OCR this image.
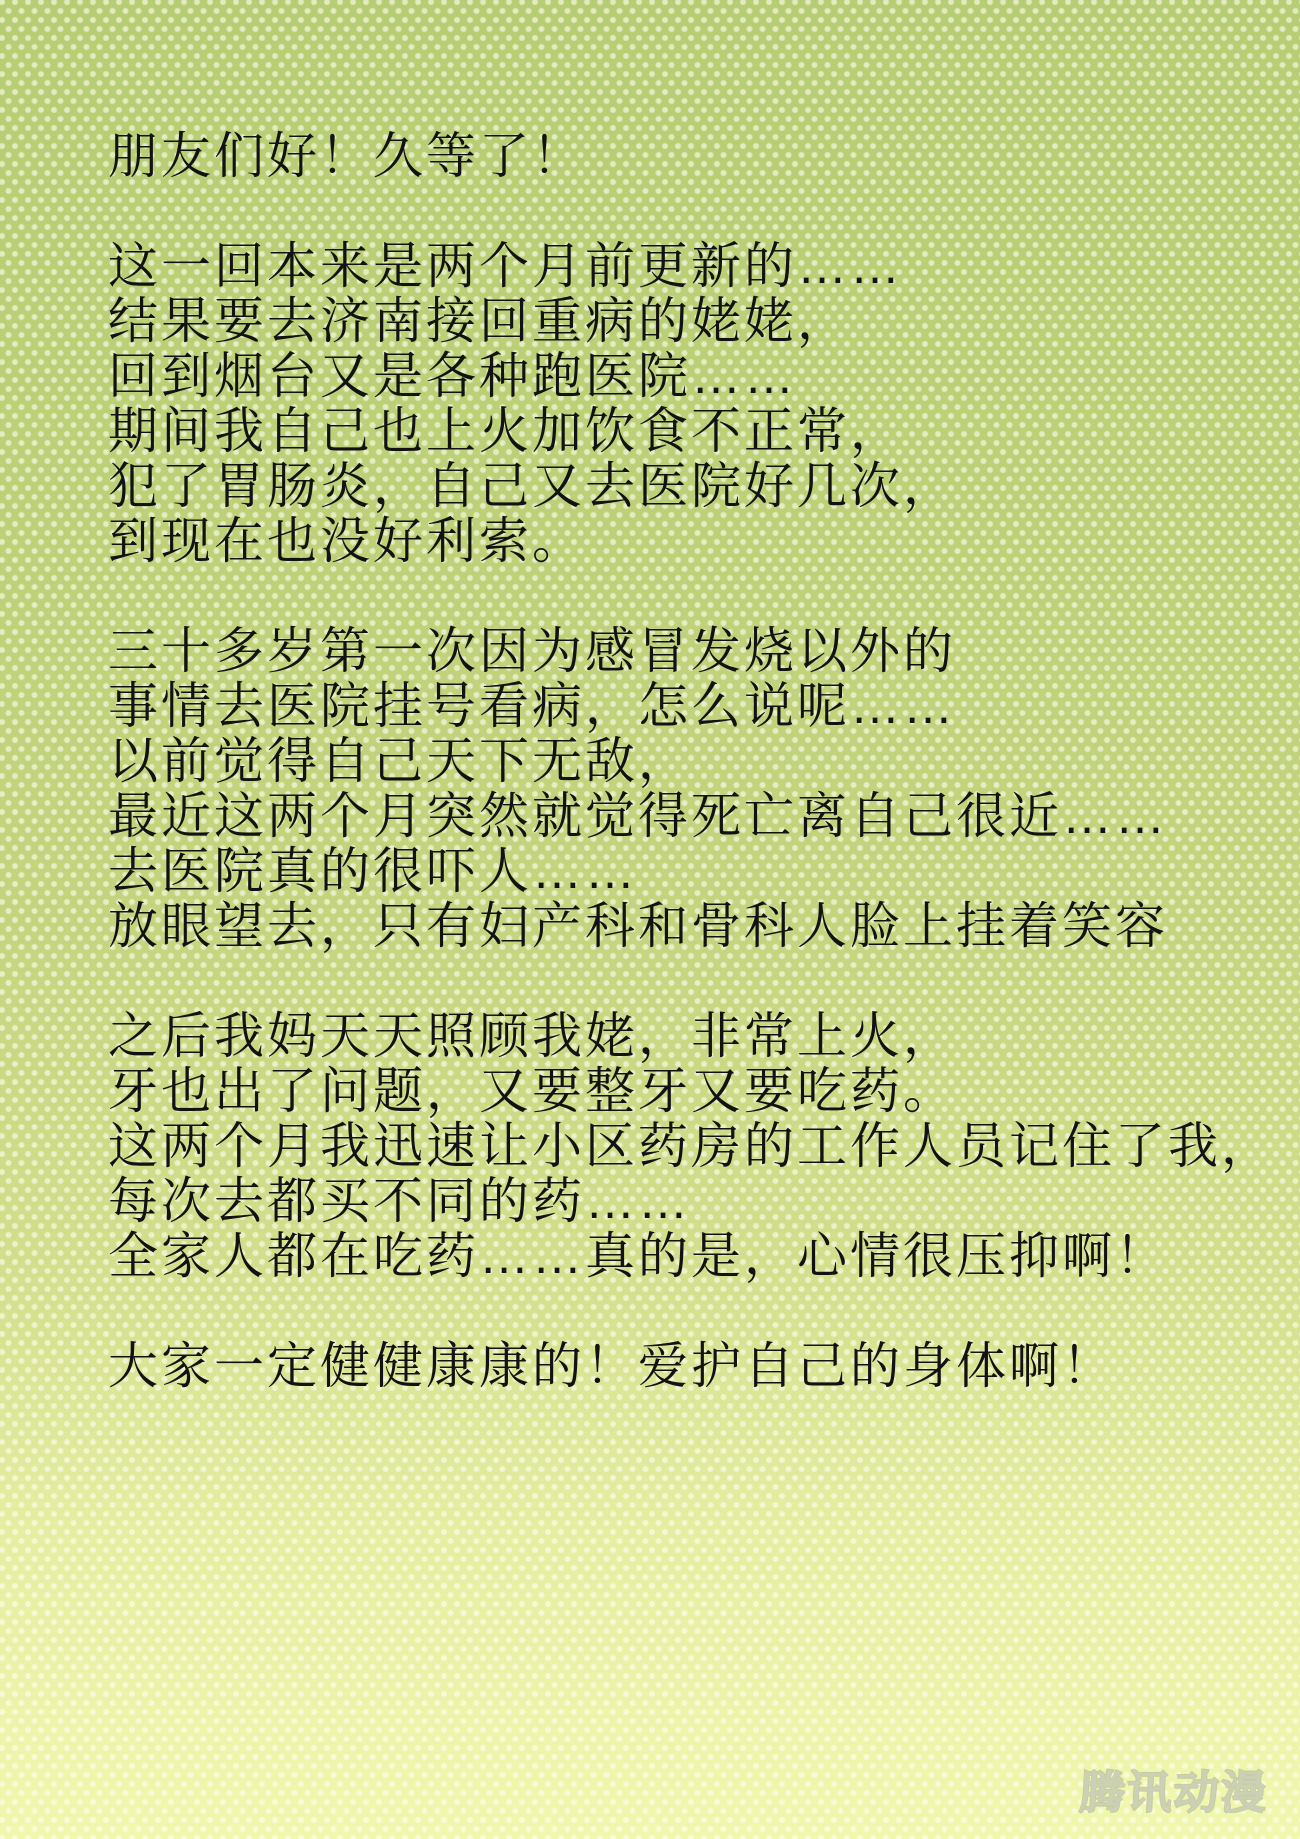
朋友们好！久等了！

这一回本来是两个月前更新的……
结果要去济南接回重病的姥姥，
回到烟台又是各种跑医院……
期间我自己也上火加饮食不正常，
犯了胃肠炎，自己又去医院好几次，
到现在也没好利索。

三十多岁第一次因为感冒发烧以外的
事情去医院挂号看病，怎么说呢……
以前觉得自己天下无敌，
最近这两个月突然就觉得死亡离自己很近……
去医院真的很吓人……
放眼望去，只有妇产科和骨科人脸上挂着笑容

之后我妈天天照顾我姥，非常上火，
牙也出了问题，又要整牙又要吃药。
这两个月我迅速让小区药房的工作人员记住了我，
每次去都买不同的药……
全家人都在吃药……真的是，心情很压抑啊！

大家一定健健康康的！爱护自己的身体啊！
腾讯动漫
